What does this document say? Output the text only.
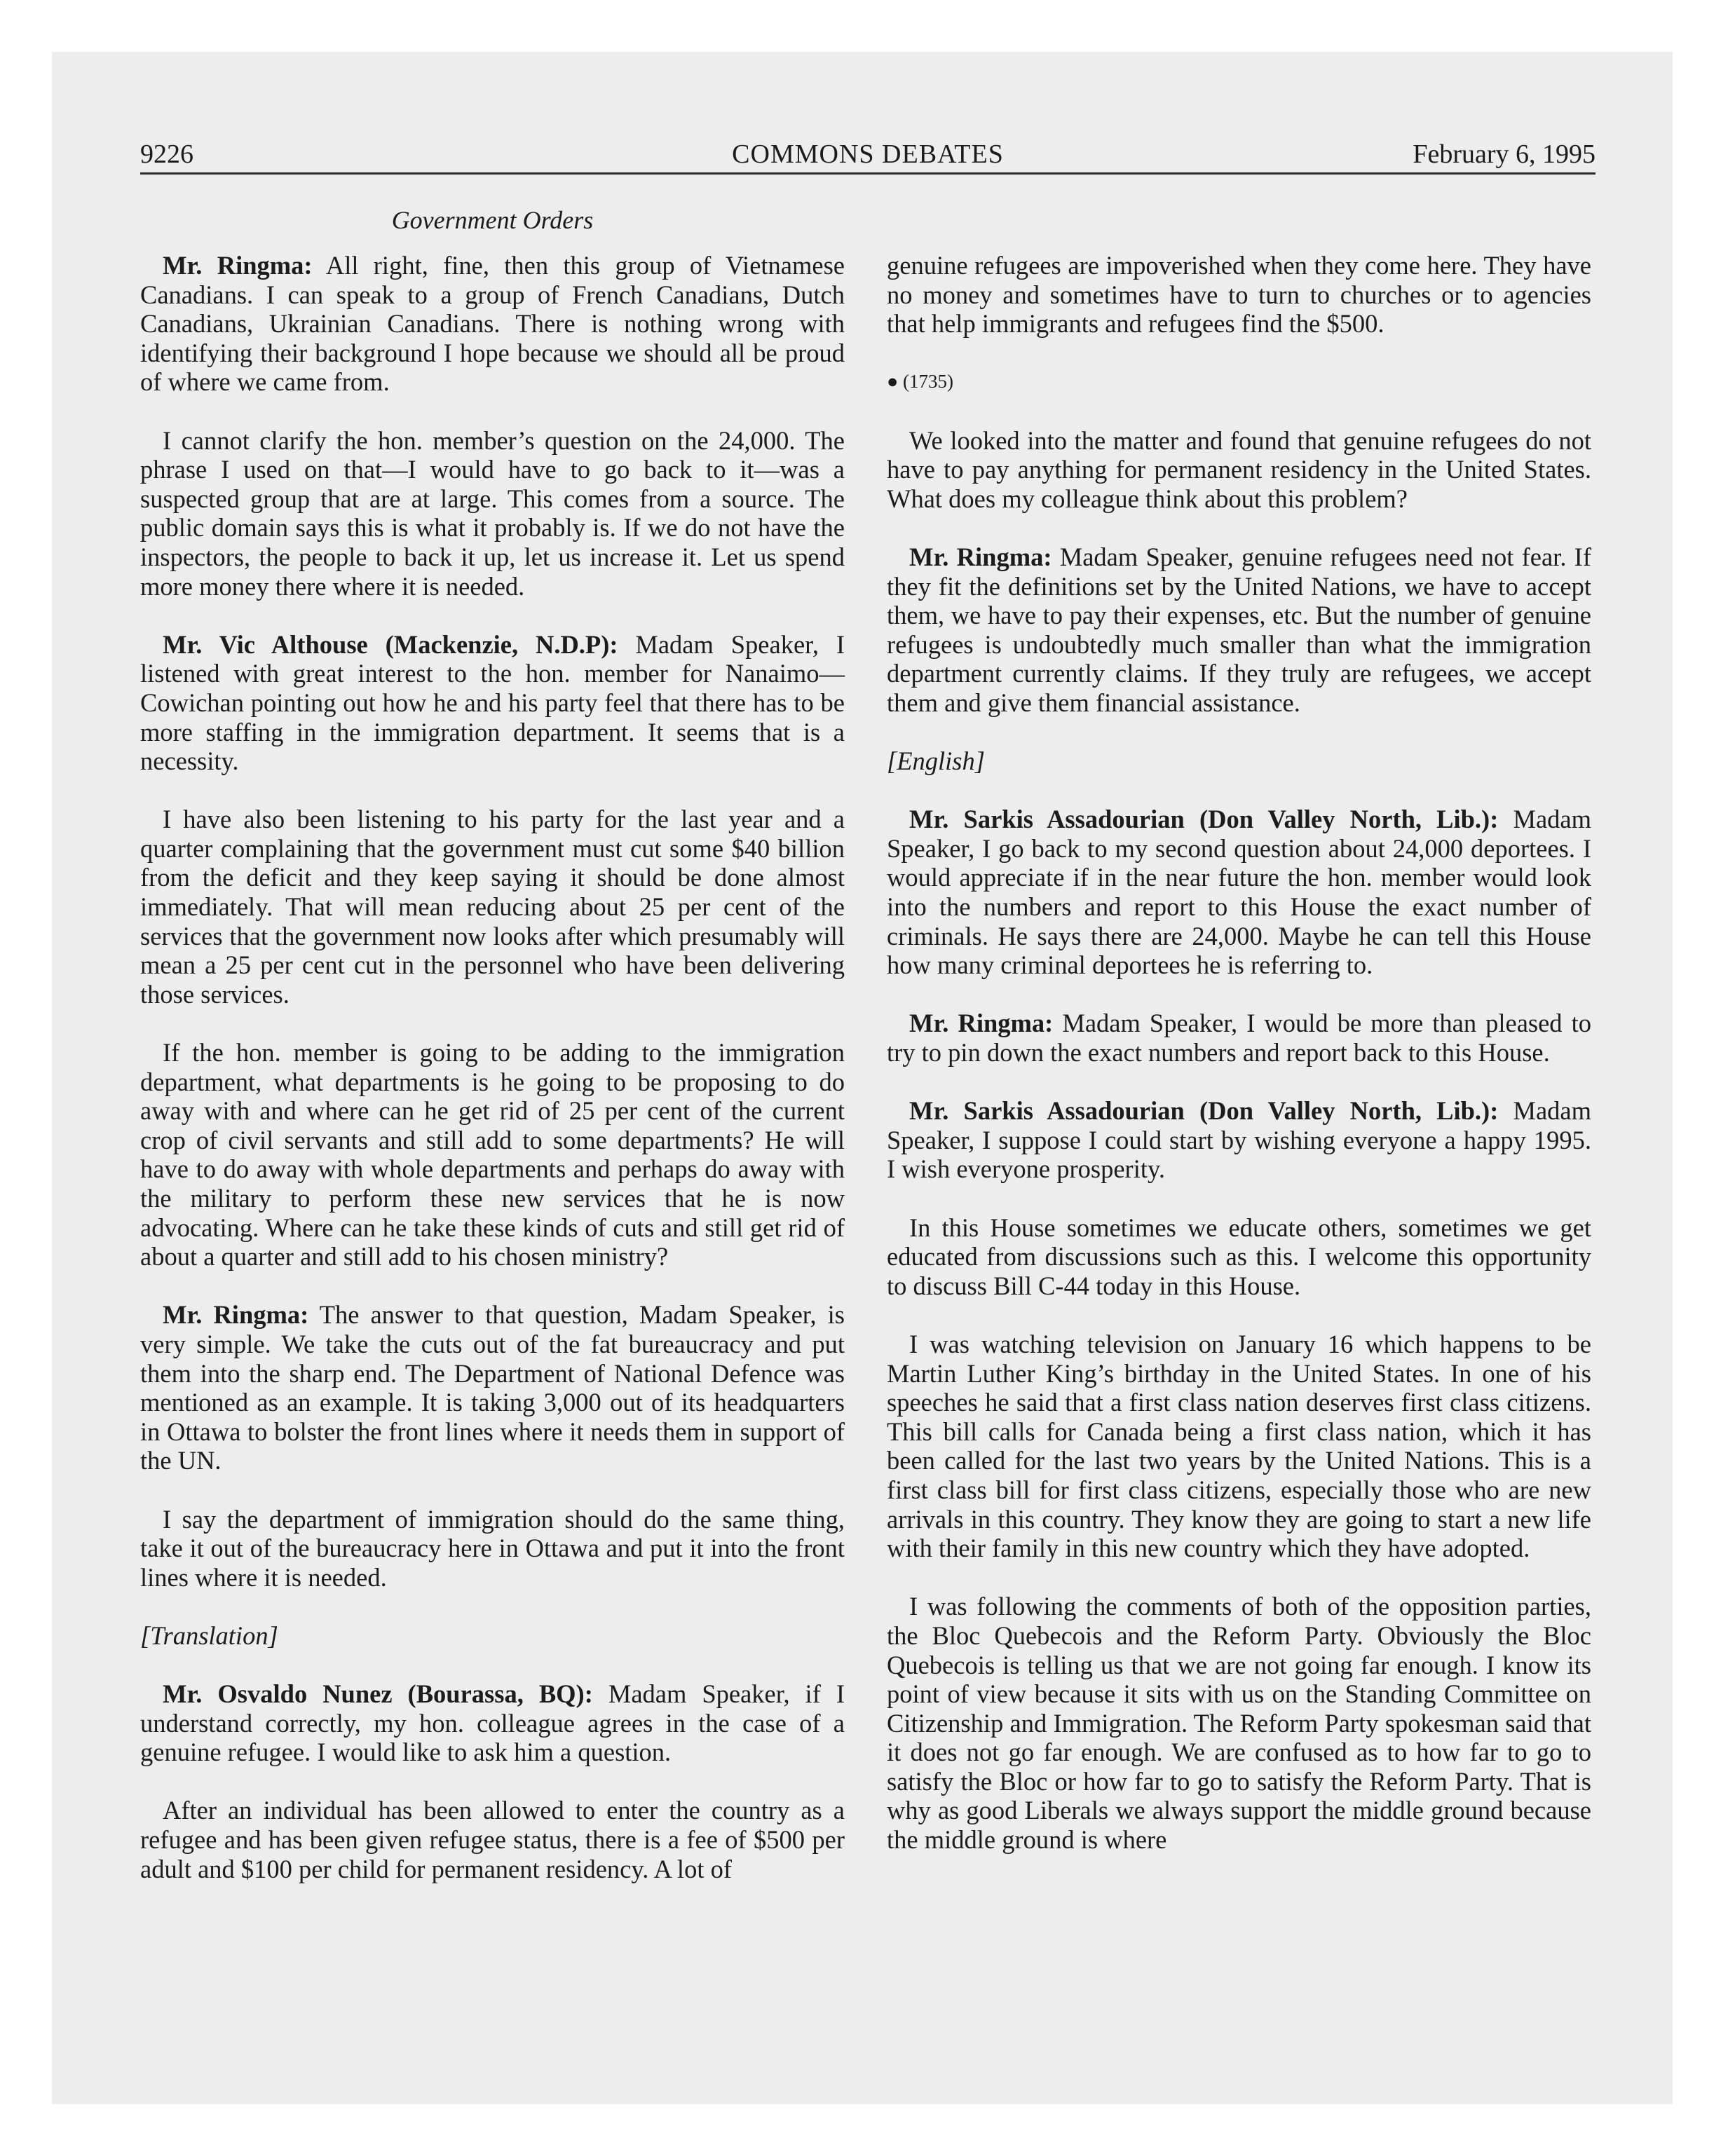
9226	COMMONS DEBATES	February 6, 1995
Government Orders

Mr. Ringma: All right, fine, then this group of Vietnamese Canadians. I can speak to a group of French Canadians, Dutch Canadians, Ukrainian Canadians. There is nothing wrong with identifying their background I hope because we should all be proud of where we came from.

I cannot clarify the hon. member’s question on the 24,000. The phrase I used on that—I would have to go back to it—was a suspected group that are at large. This comes from a source. The public domain says this is what it probably is. If we do not have the inspectors, the people to back it up, let us increase it. Let us spend more money there where it is needed.

Mr. Vic Althouse (Mackenzie, N.D.P): Madam Speaker, I listened with great interest to the hon. member for Nanaimo—Cowichan pointing out how he and his party feel that there has to be more staffing in the immigration department. It seems that is a necessity.

I have also been listening to his party for the last year and a quarter complaining that the government must cut some $40 billion from the deficit and they keep saying it should be done almost immediately. That will mean reducing about 25 per cent of the services that the government now looks after which presumably will mean a 25 per cent cut in the personnel who have been delivering those services.

If the hon. member is going to be adding to the immigration department, what departments is he going to be proposing to do away with and where can he get rid of 25 per cent of the current crop of civil servants and still add to some departments? He will have to do away with whole departments and perhaps do away with the military to perform these new services that he is now advocating. Where can he take these kinds of cuts and still get rid of about a quarter and still add to his chosen ministry?

Mr. Ringma: The answer to that question, Madam Speaker, is very simple. We take the cuts out of the fat bureaucracy and put them into the sharp end. The Department of National Defence was mentioned as an example. It is taking 3,000 out of its headquarters in Ottawa to bolster the front lines where it needs them in support of the UN.

I say the department of immigration should do the same thing, take it out of the bureaucracy here in Ottawa and put it into the front lines where it is needed.

[Translation]

Mr. Osvaldo Nunez (Bourassa, BQ): Madam Speaker, if I understand correctly, my hon. colleague agrees in the case of a genuine refugee. I would like to ask him a question.

After an individual has been allowed to enter the country as a refugee and has been given refugee status, there is a fee of $500 per adult and $100 per child for permanent residency. A lot of

genuine refugees are impoverished when they come here. They have no money and sometimes have to turn to churches or to agencies that help immigrants and refugees find the $500.

● (1735)

We looked into the matter and found that genuine refugees do not have to pay anything for permanent residency in the United States. What does my colleague think about this problem?

Mr. Ringma: Madam Speaker, genuine refugees need not fear. If they fit the definitions set by the United Nations, we have to accept them, we have to pay their expenses, etc. But the number of genuine refugees is undoubtedly much smaller than what the immigration department currently claims. If they truly are refugees, we accept them and give them financial assistance.

[English]

Mr. Sarkis Assadourian (Don Valley North, Lib.): Madam Speaker, I go back to my second question about 24,000 deportees. I would appreciate if in the near future the hon. member would look into the numbers and report to this House the exact number of criminals. He says there are 24,000. Maybe he can tell this House how many criminal deportees he is referring to.

Mr. Ringma: Madam Speaker, I would be more than pleased to try to pin down the exact numbers and report back to this House.

Mr. Sarkis Assadourian (Don Valley North, Lib.): Madam Speaker, I suppose I could start by wishing everyone a happy 1995. I wish everyone prosperity.

In this House sometimes we educate others, sometimes we get educated from discussions such as this. I welcome this opportunity to discuss Bill C-44 today in this House.

I was watching television on January 16 which happens to be Martin Luther King’s birthday in the United States. In one of his speeches he said that a first class nation deserves first class citizens. This bill calls for Canada being a first class nation, which it has been called for the last two years by the United Nations. This is a first class bill for first class citizens, especially those who are new arrivals in this country. They know they are going to start a new life with their family in this new country which they have adopted.

I was following the comments of both of the opposition parties, the Bloc Quebecois and the Reform Party. Obviously the Bloc Quebecois is telling us that we are not going far enough. I know its point of view because it sits with us on the Standing Committee on Citizenship and Immigration. The Reform Party spokesman said that it does not go far enough. We are confused as to how far to go to satisfy the Bloc or how far to go to satisfy the Reform Party. That is why as good Liberals we always support the middle ground because the middle ground is where
